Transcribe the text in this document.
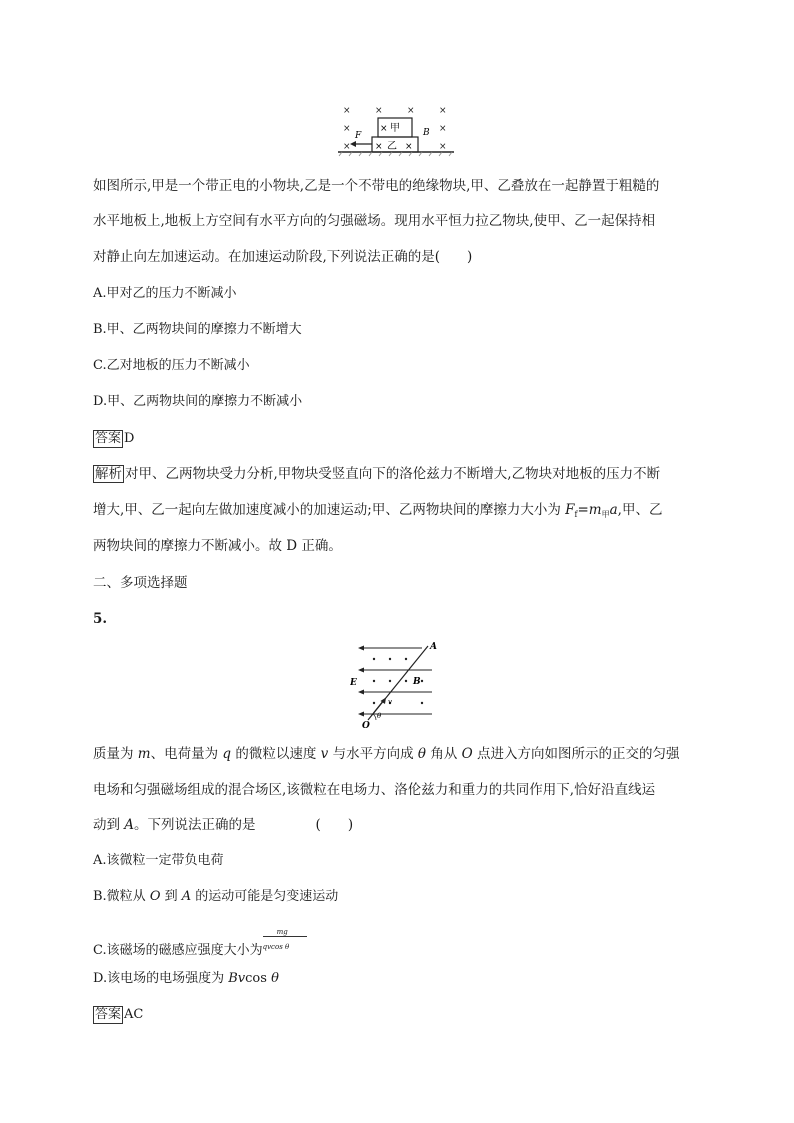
×	×	×	×
×	×
×	×
× 甲
× 乙 ×
F	B
如图所示,甲是一个带正电的小物块,乙是一个不带电的绝缘物块,甲、乙叠放在一起静置于粗糙的
水平地板上,地板上方空间有水平方向的匀强磁场。现用水平恒力拉乙物块,使甲、乙一起保持相
对静止向左加速运动。在加速运动阶段,下列说法正确的是(　　)
A.甲对乙的压力不断减小
B.甲、乙两物块间的摩擦力不断增大
C.乙对地板的压力不断减小
D.甲、乙两物块间的摩擦力不断减小
答案 D
解析 对甲、乙两物块受力分析,甲物块受竖直向下的洛伦兹力不断增大,乙物块对地板的压力不断
增大,甲、乙一起向左做加速度减小的加速运动;甲、乙两物块间的摩擦力大小为 $F_f=m_甲a$,甲、乙
两物块间的摩擦力不断减小。故 D 正确。
二、多项选择题
5.
A
E	B
O
v
θ
质量为 m、电荷量为 q 的微粒以速度 v 与水平方向成 θ 角从 O 点进入方向如图所示的正交的匀强
电场和匀强磁场组成的混合场区,该微粒在电场力、洛伦兹力和重力的共同作用下,恰好沿直线运
动到 A。下列说法正确的是	(　　)
A.该微粒一定带负电荷
B.微粒从 O 到 A 的运动可能是匀变速运动
C.该磁场的磁感应强度大小为 $\frac{mg}{\text{qvcos θ}}$
D.该电场的电场强度为 Bvcos θ
答案 AC
